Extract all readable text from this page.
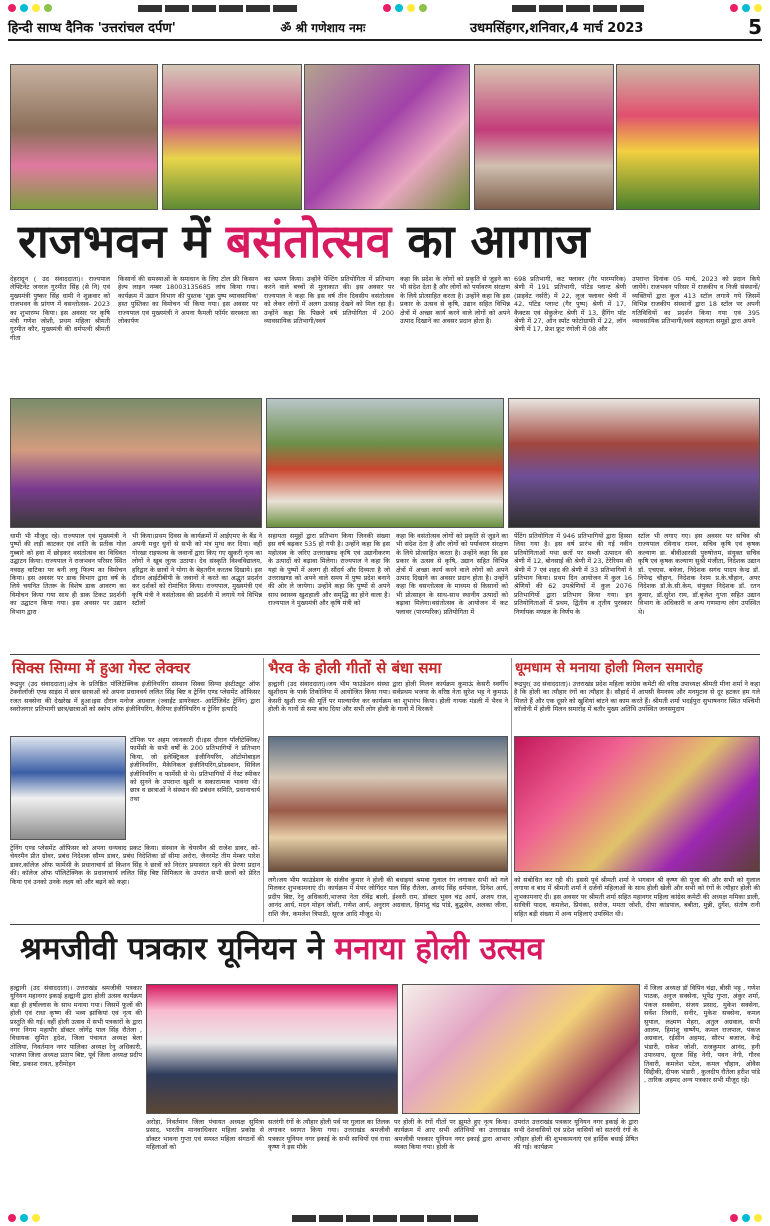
हिन्दी साप्ध दैनिक 'उत्तरांचल दर्पण'	ॐ श्री गणेशाय नमः	उधमसिंहगर,शनिवार,4 मार्च 2023	5
राजभवन में बसंतोत्सव का आगाज
देहरादून ( उद संवाददाता)। राज्यपाल लेफ्टिनेंट जनरल गुरमीत सिंह (से नि) एवं मुख्यमंत्री पुष्कर सिंह धामी ने शुक्रवार को राजभवन के प्रांगण में वसन्तोत्सव- 2023 का शुभारम्भ किया। इस अवसर पर कृषि मंत्री गणेश जोशी, प्रथम महिला श्रीमती गुरमीत कौर, मुख्यमंत्री की धर्मपत्नी श्रीमती गीता
किसानों की समस्याओं के समाधान के लिए टोल फ्री किसान हेल्प लाइन नम्बर 18003135685 लांच किया गया। कार्यक्रम में उद्यान विभाग की पुस्तक 'शुक्र पुष्प व्यावसायिक' हस्त पुस्तिका का विमोचन भी किया गया। इस अवसर पर राज्यपाल एवं मुख्यमंत्री ने अपना फैमली फॉर्मर सरस्वता का लोकार्पण
का भ्रमण किया। उन्होंने पेन्टिंग प्रतियोगिता में प्रतिभाग करने वाले बच्चों से मुलाकात की। इस अवसर पर राज्यपाल ने कहा कि इस वर्ष तीन दिवसीय वसंतोत्सव को लेकर लोगों में अलग उत्साह देखने को मिल रहा है। उन्होंने कहा कि पिछले वर्ष प्रतियोगिता में 200 व्यावसायिक प्रतिभागी/स्वयं
कहा कि प्रदेश के लोगों को प्रकृति से जुड़ने का भी संदेश देता है और लोगों को पर्यावरण संरक्षण के लिये प्रोत्साहित करता है। उन्होंने कहा कि इस प्रकार के उत्सव से कृषि, उद्यान सहित विभिन्न क्षेत्रों में अच्छा कार्य करने वाले लोगों को अपने उत्पाद दिखाने का अवसर प्रदान होता है।
698 प्रतिभागी, कट फ्लावर (गैर पारम्परिक) श्रेणी में 191 प्रतिभागी, पॉटेड प्लान्ट श्रेणी (प्राइवेट नर्सरी) में 22, लूज फ्लावर श्रेणी में 42, पॉटेड प्लान्ट (गैर पुष्प) श्रेणी में 17, कैक्टस एवं सेकुलेन्ट श्रेणी में 13, हैंगिंग पॉट श्रेणी में 27, ऑन स्पॉट फोटोग्राफी में 22, लॉन श्रेणी में 17, फ्रेश फ्रूट रंगोली में 08 और
उपरान्त दिनांक 05 मार्च, 2023 को प्रदान किये जायेंगे। राजभवन परिसर में राजकीय व निजी संस्थानों/व्यक्तियों द्वारा कुल 413 स्टॉल लगाये गये जिसमें विभिन्न राजकीय संस्थानों द्वारा 18 स्टॉल पर अपनी गतिविधियों का प्रदर्शन किया गया एवं 395 व्यावसायिक प्रतिभागी/स्वयं सहायता समूहों द्वारा अपने
धामी भी मौजूद रहे। राज्यपाल एवं मुख्यमंत्री ने पुष्पों की लड़ी काटकर एवं शांति के प्रतीक गोल गुब्बारे को हवा में छोड़कर वसंतोत्सव का विधिवत उद्घाटन किया। राज्यपाल ने राजभवन परिसर स्थित नवग्रह वाटिका पर बनी लघु फिल्म का विमोचन किया। इस अवसर पर डाक विभाग द्वारा वर्ष के लिये चयनित तितरू के विशेष डाक आवरण का विमोचन किया गया साथ ही डाक टिकट प्रदर्शनी का उद्घाटन किया गया। इस अवसर पर उद्यान विभाग द्वारा
भी किया।प्रथम दिवस के कार्यक्रमों में आईएमए के बैंड ने अपनी मधुर धुनों से सभी को मंत्र मुग्ध कर दिया। वहीं गोरखा राइफल्स के जवानों द्वारा किए गए खुकरी नृत्य का लोगों ने खूब लुत्फ उठाया। देव संस्कृति विश्वविद्यालय, हरिद्वार के छात्रों ने योगा के बेहतरीन करतब दिखाये। इस दौरान आईटीबीपी के जवानों ने करते का अद्भुत प्रदर्शन कर दर्शकों को रोमांचित किया। राज्यपाल, मुख्यमंत्री एवं कृषि मंत्री ने वसंतोत्सव की प्रदर्शनी में लगाये गये विभिन्न स्टॉलों
सहायता समूहों द्वारा प्रतिभाग किया जिनकी संख्या इस वर्ष बढ़कर 535 हो गयी है। उन्होंने कहा कि इस महोत्सव के जरिए उत्तराखण्ड कृषि एवं उद्यानीकरण के उत्पादों को बढ़ावा मिलेगा। राज्यपाल ने कहा कि यहां के पुष्पों में अलग ही सौंदर्य और दिव्यता है जो उत्तराखण्ड को अपने वाले समय में पुष्प प्रदेश बनाने की ओर ले जायेगा। उन्होंने कहा कि पुष्पों से अपने साथ स्वास्थ्य खुशहाली और समृद्धि का होने वाला है। राज्यपाल ने मुख्यमंत्री और कृषि मंत्री को
कहा कि वसंतोत्सव लोगों को प्रकृति से जुड़ने का भी संदेश देता है और लोगों को पर्यावरण संरक्षण के लिये प्रोत्साहित करता है। उन्होंने कहा कि इस प्रकार के उत्सव से कृषि, उद्यान सहित विभिन्न क्षेत्रों में अच्छा कार्य करने वाले लोगों को अपने उत्पाद दिखाने का अवसर प्रदान होता है। उन्होंने कहा कि वसन्तोत्सव के माध्यम से किसानों को भी प्रोत्साहन के साथ-साथ स्थानीय उत्पादों को बढ़ावा मिलेगा।वसंतोत्सव के आयोजन में कट फ्लावर (पारम्परिक) प्रतियोगिता में
पेंटिंग प्रतियोगिता में 946 प्रतिभागियों द्वारा हिस्सा लिया गया है। इस वर्ष प्रारंभ की गई नवीन प्रतियोगिताओं यथा छतों पर सब्जी उत्पादन की श्रेणी में 12, बोनसाई की श्रेणी में 23, टेरेरियम की श्रेणी में 7 एवं शहद की श्रेणी में 33 प्रतिभागियों ने प्रतिभाग किया। प्रथम दिन आयोजन में कुल 16 श्रेणियों की 62 उपश्रेणियों में कुल 2076 प्रतिभागियों द्वारा प्रतिभाग किया गया। इन प्रतियोगिताओं में प्रथम, द्वितीय व तृतीय पुरस्कार निर्णायक मण्डल के निर्णय के
स्टॉल भी लगाए गए। इस अवसर पर सचिव श्री राज्यपाल रविनाथ रामन, सचिव कृषि एवं कृषक कल्याण डा. बीवीआरसी पुरुषोत्तम, संयुक्त सचिव कृषि एवं कृषक कल्याण सुश्री मंजीता, निदेशक उद्यान डॉ. एचएस. बवेजा, निदेशक सगंध पादप केन्द्र डॉ. निपेन्द्र चौहान, निदेशक रेशम प्र.के.चौहान, अपर निदेशक डॉ.के.सी.केम, संयुक्त निदेशक डॉ. रतन कुमार, डॉ.सुरेश राम, डॉ.बृजेश गुप्ता सहित उद्यान विभाग के अधिकारी व अन्य गणमान्य लोग उपस्थित थे।
सिक्स सिग्मा में हुआ गेस्ट लेक्चर
रूद्रपुर (उद संवाददाता)।क्षेत्र के प्रतिष्ठित पॉलिटेक्निक इंजीनियरिंग संस्थान सिक्स सिग्मा इंस्टीट्यूट ऑफ टेक्नोलॉजी एण्ड साइंस में छात्र छात्राओं को अपना प्रधानवर्य ललित सिंह बिष्ट व ट्रेनिंग एण्ड प्लेसमेंट ऑफिसर रजत सक्सेना की देखरेख में हुआ।इस दौरान मनोज अग्रवाल (ज्वाईंट डायरेक्टर- आर्टिजिवेंट ट्रेनिंग) द्वारा स्वरोजगार प्रतिभागी छात्र/छात्राओं को स्कोप ऑफ इंजीनियरिंग, कैरियर इंजीनियरिंग व ट्रेनिंग इत्यादि
टॉपिक पर अहम जानकारी दी।इस दौरान पॉलीटेक्निक/ फार्मेसी के सभी वर्षों के 200 प्रतिभागियों ने प्रतिभाग किया, जो इलेक्ट्रिकल इंजीनियरिंग, ऑटोमोबाइल इंजीनियरिंग, मैकेनिकल इंजीनियरिंग,प्रोडक्शन, सिविल इंजीनियरिंग व फार्मेसी से थे। प्रतिभागियों में गेस्ट स्पीकर को सुनने के उपरान्त खुशी व सकारात्मक भावना थी। छात्र व छात्राओं ने संस्थान की प्रबंधन समिति, प्रधानाचार्य तथा
ट्रेनिंग एण्ड प्लेसमेंट ऑफिसर को अपना धन्यवाद प्रकट किया। संस्थान के चेयरमैन श्री राजेश डावर, को- चेयरमैन प्रीत ग्रोवर, प्रबंध निदेशक सौम्य डावर, प्रबंध निदेशिका डॉ सीमा अरोरा, जैनरमेंट तीम मेम्बर पारेश डावर,कॉलेज ऑफ फार्मेसी के प्रधानाचार्य डॉ किशन सिंह ने छात्रों को निरंतर प्रयासरत रहने की प्रेरणा प्रदान की। कॉलेज ऑफ पॉलिटेक्निक के प्रधानाचार्य ललित सिंह बिष्ट सिमिकार के उपरांत सभी छात्रों को प्रेरित किया एवं उनको उनके लक्ष्य को और बढ़ने को कहा।
भैरव के होली गीतों से बंधा समा
हल्द्वानी (उद संवाददाता)।जय भीम फाउंडेशन संस्था द्वारा होली मिलन कार्यक्रम कुमाऊं केसरी स्वर्गीय खुशीराम के पार्क तिकोनिया में आयोजित किया गया। सर्वप्रथम भजपा के वरिष्ठ नेता सुरेश भट्ट ने कुमाऊं केसरी खुशी राम की मूर्ति पर माल्यार्पण कर कार्यक्रम का शुभारंभ किया। होली गायक मंडली में भैरव ने होली के गानों से समा बांध दिया और सभी लोग होली के गानों में थिरकने
लगे।जय भीम फाउंडेशन के संजीव कुमार ने होली की बधाइयां श्रमवा गुलाल रंग लगाकर सभी को गले मिलकर शुभकामनाएं दी। कार्यक्रम में मेयर जोगिंदर पाल सिंह रौतेला, आनंद सिंह धर्मपाल, दिनेश आर्य, प्रदीप बिष्ट, रेनु अधिकारी,भाजपा नेता रविंद्र बाली, ईश्वरी राम, डॉक्टर भुवन चंद्र आर्य, अजय राज, आनंद आर्य, मदन मोहन जोशी, गणेश आर्य, अनुराग अग्रवाल, हिमांशु चंद्र पांडे, बुद्धसेन, अलका जीना, राशि जैन, कमलेश त्रिपाठी, सूरज आदि मौजूद थे।
धूमधाम से मनाया होली मिलन समारोह
रूद्रपुर( उद संवाददाता)। उत्तराखंड प्रदेश महिला कांग्रेस कमेटी की वरिष्ठ उपाध्यक्ष श्रीमती मीना शर्मा ने कहा है कि होली का त्यौहार रंगों का त्यौहार है। सौहार्द में आपसी वैमनस्य और मनमुटाव से दूर हटकर हम गले मिलते हैं और एक दूसरे को खुशियां बांटने का काम करते हैं। श्रीमती शर्मा भदईपुरा सुभाषनगर स्थित पश्चिमी कॉलोनी में होली मिलन समारोह में बतौर मुख्य अतिथि उपस्थित जनसमुदाय
को संबोधित कर रही थी। इससे पूर्व श्रीमती शर्मा ने भगवान श्री कृष्ण की पूजा की और सभी को गुलाल लगाया व बाद में श्रीमती शर्मा ने दर्जनों महिलाओं के साथ होली खेली और सभी को रंगों के त्यौहार होली की शुभकामनाएं दी। इस अवसर पर श्रीमती शर्मा सहित महानगर महिला कांग्रेस कमेटी की अध्यक्ष ममिका डाली, सावित्री यादव, कमलेश, प्रियंका, सरोज, ममता जोशी, दीपा कांडपाल, बबीता, मुन्नी, दुर्गेश, संतोष रानी सहित बड़ी संख्या में अन्य महिलाएं उपस्थित थी।
श्रमजीवी पत्रकार यूनियन ने मनाया होली उत्सव
हल्द्वानी (उद संवाददाता)। उत्तराखंड श्रमजीवी पत्रकार यूनियन महानगर इकाई हल्द्वानी द्वारा होली उत्सव कार्यक्रम बड़ा ही हर्षोल्लास के साथ मनाया गया। जिसमें फूलों की होली एवं राधा कृष्ण की भव्य झांकियां एवं नृत्य की प्रस्तुति की गई। वहीं होली उत्सव में सभी पत्रकारों के द्वारा नगर निगम महापौर डॉक्टर जोगेंद्र पाल सिंह रौतेला , विधायक सुमित हृदेश, जिला पंचायत अध्यक्ष बेला तोलिया, निवर्तमान नगर पालिका अध्यक्ष रेनु अधिकारी, भाजपा जिला अध्यक्ष प्रताप बिष्ट, पूर्व जिला अध्यक्ष प्रदीप बिष्ट, प्रकाश रावत, हरीमोहन
अरोड़ा, निवर्तमान जिला पंचायत अध्यक्ष सुमित्रा प्रसाद, भारतीय मानवाधिकार महिला प्रकोष्ठ से डॉक्टर भावना गुप्ता एवं समस्त महिला संगठनों की महिलाओं को
सतरंगी रंगों के त्यौहार होली पर्व पर गुलाल का तिलक लगाकर स्वागत किया गया। उत्तराखंड श्रमजीवी पत्रकार यूनियन नगर इकाई के सभी साथियों एवं राधा कृष्ण ने इस मौके
पर होली के रंगों गीतों पर झूमते हुए नृत्य किया। कार्यक्रम में आए सभी अतिथियों का उत्तराखंड श्रमजीवी पत्रकार यूनियन नगर इकाई द्वारा आभार व्यक्त किया गया। होली के
उपरांत उत्तराखंड पत्रकार यूनियन नगर इकाई के द्वारा सभी देशवासियों एवं प्रदेश वासियों को सतरंगी रंगों के त्यौहार होली की शुभकामनाएं एवं हार्दिक बधाई प्रेषित की गई। कार्यक्रम
में जिला अध्यक्ष डॉ विपिन चंद्रा, बीसी भट्ट , गणेश पाठक, अनुज सक्सेना, भूपेंद्र गुप्ता, अंकुर शर्मा, पंकज सक्सेना, संजय प्रसाद, मुकेश सक्सेना, सर्वेश तिवारी, सनीर, मुकेश सक्सेना, कमल सुयाल, लक्ष्मण मेहरा, अतुल अग्रवाल, सभी आलम, हिमांशु वार्ष्णेय, कमल राजपाल, पंकज अग्रवाल, रईसीन अहमद, सौरभ बजाज, वैन्द्रे भंडारी, राकेश जोशी, राजकुमार आनंद, हनी उपाध्याय, सूरज सिंह नेगी, पवन नेगी, गौरव तिवारी, कमलेश पटेल, कमल चौहान, ओवैस सिद्दीकी, दीपक भंडारी , कुलदीप रौतेला हरीश पांडे , तारिक अहमद अन्य पत्रकार सभी मौजूद रहे।
